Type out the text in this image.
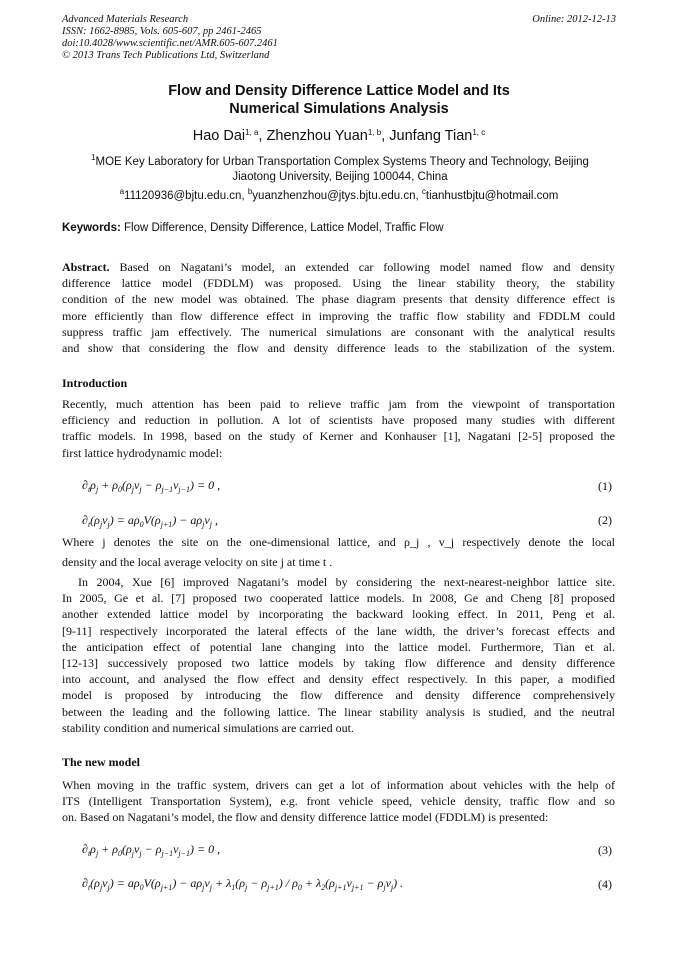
Advanced Materials Research	Online: 2012-12-13
ISSN: 1662-8985, Vols. 605-607, pp 2461-2465
doi:10.4028/www.scientific.net/AMR.605-607.2461
© 2013 Trans Tech Publications Ltd, Switzerland
Flow and Density Difference Lattice Model and Its
Numerical Simulations Analysis
Hao Dai$^{1, a}$, Zhenzhou Yuan$^{1, b}$, Junfang Tian$^{1, c}$
$^1$MOE Key Laboratory for Urban Transportation Complex Systems Theory and Technology, Beijing
Jiaotong University, Beijing 100044, China
$^a$11120936@bjtu.edu.cn, $^b$yuanzhenzhou@jtys.bjtu.edu.cn, $^c$tianhustbjtu@hotmail.com
Keywords: Flow Difference, Density Difference, Lattice Model, Traffic Flow
Abstract. Based on Nagatani’s model, an extended car following model named flow and density
difference lattice model (FDDLM) was proposed. Using the linear stability theory, the stability
condition of the new model was obtained. The phase diagram presents that density difference effect is
more efficiently than flow difference effect in improving the traffic flow stability and FDDLM could
suppress traffic jam effectively. The numerical simulations are consonant with the analytical results
and show that considering the flow and density difference leads to the stabilization of the system.
Introduction
Recently, much attention has been paid to relieve traffic jam from the viewpoint of transportation
efficiency and reduction in pollution. A lot of scientists have proposed many studies with different
traffic models. In 1998, based on the study of Kerner and Konhauser [1], Nagatani [2-5] proposed the
first lattice hydrodynamic model:
$\partial_t\rho_j + \rho_0(\rho_jv_j - \rho_{j-1}v_{j-1}) = 0$ ,	(1)
$\partial_t(\rho_jv_j) = a\rho_0V(\rho_{j+1}) - a\rho_jv_j$ ,	(2)
Where j denotes the site on the one-dimensional lattice, and ρ_j , v_j respectively denote the local
density and the local average velocity on site j at time t .
In 2004, Xue [6] improved Nagatani’s model by considering the next-nearest-neighbor lattice site.
In 2005, Ge et al. [7] proposed two cooperated lattice models. In 2008, Ge and Cheng [8] proposed
another extended lattice model by incorporating the backward looking effect. In 2011, Peng et al.
[9-11] respectively incorporated the lateral effects of the lane width, the driver’s forecast effects and
the anticipation effect of potential lane changing into the lattice model. Furthermore, Tian et al.
[12-13] successively proposed two lattice models by taking flow difference and density difference
into account, and analysed the flow effect and density effect respectively. In this paper, a modified
model is proposed by introducing the flow difference and density difference comprehensively
between the leading and the following lattice. The linear stability analysis is studied, and the neutral
stability condition and numerical simulations are carried out.
The new model
When moving in the traffic system, drivers can get a lot of information about vehicles with the help of
ITS (Intelligent Transportation System), e.g. front vehicle speed, vehicle density, traffic flow and so
on. Based on Nagatani’s model, the flow and density difference lattice model (FDDLM) is presented:
$\partial_t\rho_j + \rho_0(\rho_jv_j - \rho_{j-1}v_{j-1}) = 0$ ,	(3)
$\partial_t(\rho_jv_j) = a\rho_0V(\rho_{j+1}) - a\rho_jv_j + \lambda_1(\rho_j - \rho_{j+1}) / \rho_0 + \lambda_2(\rho_{j+1}v_{j+1} - \rho_jv_j)$ .	(4)
